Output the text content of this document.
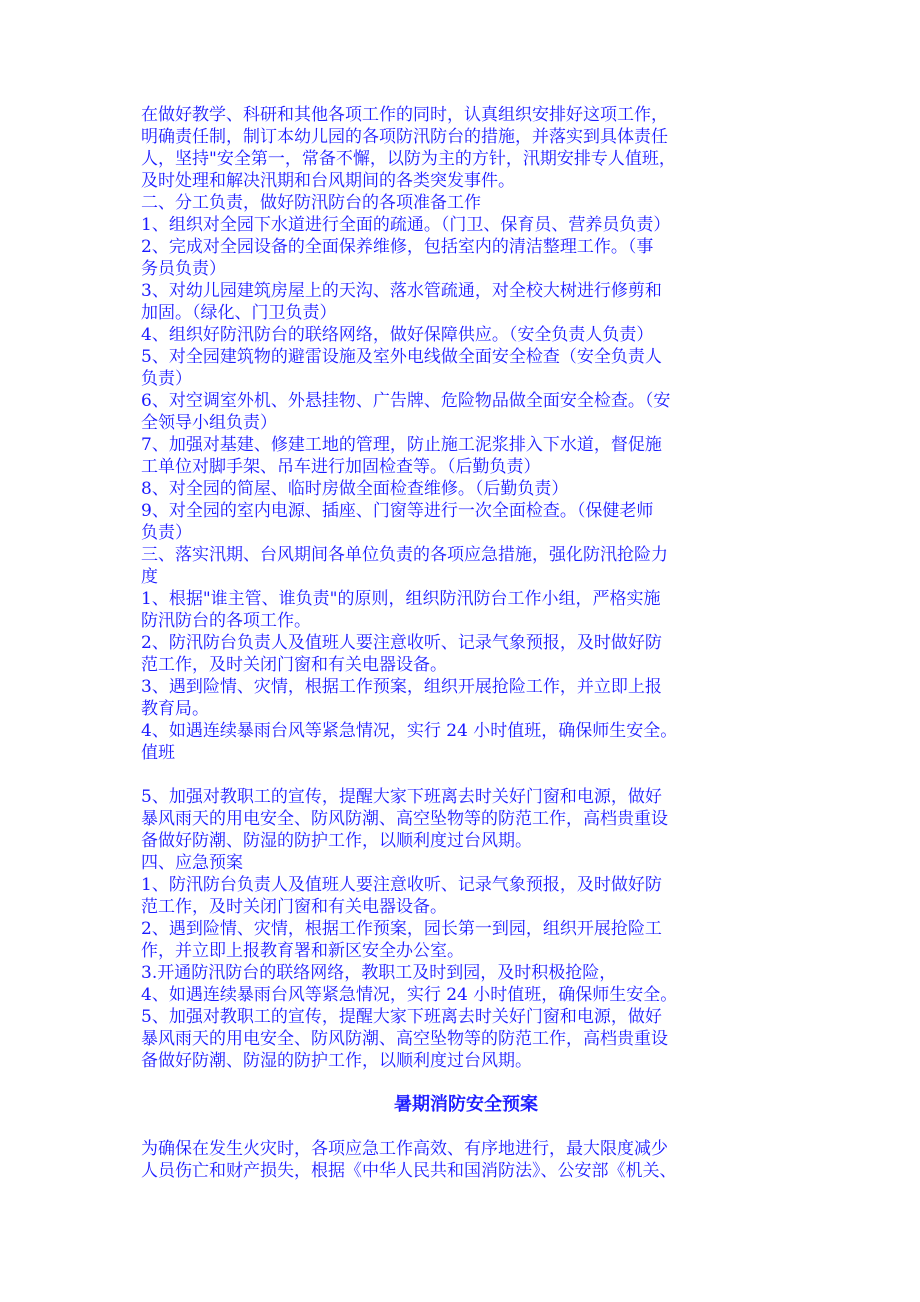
在做好教学、科研和其他各项工作的同时，认真组织安排好这项工作，
明确责任制，制订本幼儿园的各项防汛防台的措施，并落实到具体责任
人，坚持"安全第一，常备不懈，以防为主的方针，汛期安排专人值班，
及时处理和解决汛期和台风期间的各类突发事件。
二、分工负责，做好防汛防台的各项准备工作
1、组织对全园下水道进行全面的疏通。（门卫、保育员、营养员负责）
2、完成对全园设备的全面保养维修，包括室内的清洁整理工作。（事
务员负责）
3、对幼儿园建筑房屋上的天沟、落水管疏通，对全校大树进行修剪和
加固。（绿化、门卫负责）
4、组织好防汛防台的联络网络，做好保障供应。（安全负责人负责）
5、对全园建筑物的避雷设施及室外电线做全面安全检查（安全负责人
负责）
6、对空调室外机、外悬挂物、广告牌、危险物品做全面安全检查。（安
全领导小组负责）
7、加强对基建、修建工地的管理，防止施工泥浆排入下水道，督促施
工单位对脚手架、吊车进行加固检查等。（后勤负责）
8、对全园的简屋、临时房做全面检查维修。（后勤负责）
9、对全园的室内电源、插座、门窗等进行一次全面检查。（保健老师
负责）
三、落实汛期、台风期间各单位负责的各项应急措施，强化防汛抢险力
度
1、根据"谁主管、谁负责"的原则，组织防汛防台工作小组，严格实施
防汛防台的各项工作。
2、防汛防台负责人及值班人要注意收听、记录气象预报，及时做好防
范工作，及时关闭门窗和有关电器设备。
3、遇到险情、灾情，根据工作预案，组织开展抢险工作，并立即上报
教育局。
4、如遇连续暴雨台风等紧急情况，实行 24 小时值班，确保师生安全。
值班
5、加强对教职工的宣传，提醒大家下班离去时关好门窗和电源，做好
暴风雨天的用电安全、防风防潮、高空坠物等的防范工作，高档贵重设
备做好防潮、防湿的防护工作，以顺利度过台风期。
四、应急预案
1、防汛防台负责人及值班人要注意收听、记录气象预报，及时做好防
范工作，及时关闭门窗和有关电器设备。
2、遇到险情、灾情，根据工作预案，园长第一到园，组织开展抢险工
作，并立即上报教育署和新区安全办公室。
3.开通防汛防台的联络网络，教职工及时到园，及时积极抢险，
4、如遇连续暴雨台风等紧急情况，实行 24 小时值班，确保师生安全。
5、加强对教职工的宣传，提醒大家下班离去时关好门窗和电源，做好
暴风雨天的用电安全、防风防潮、高空坠物等的防范工作，高档贵重设
备做好防潮、防湿的防护工作，以顺利度过台风期。
暑期消防安全预案
为确保在发生火灾时，各项应急工作高效、有序地进行，最大限度减少
人员伤亡和财产损失，根据《中华人民共和国消防法》、公安部《机关、
